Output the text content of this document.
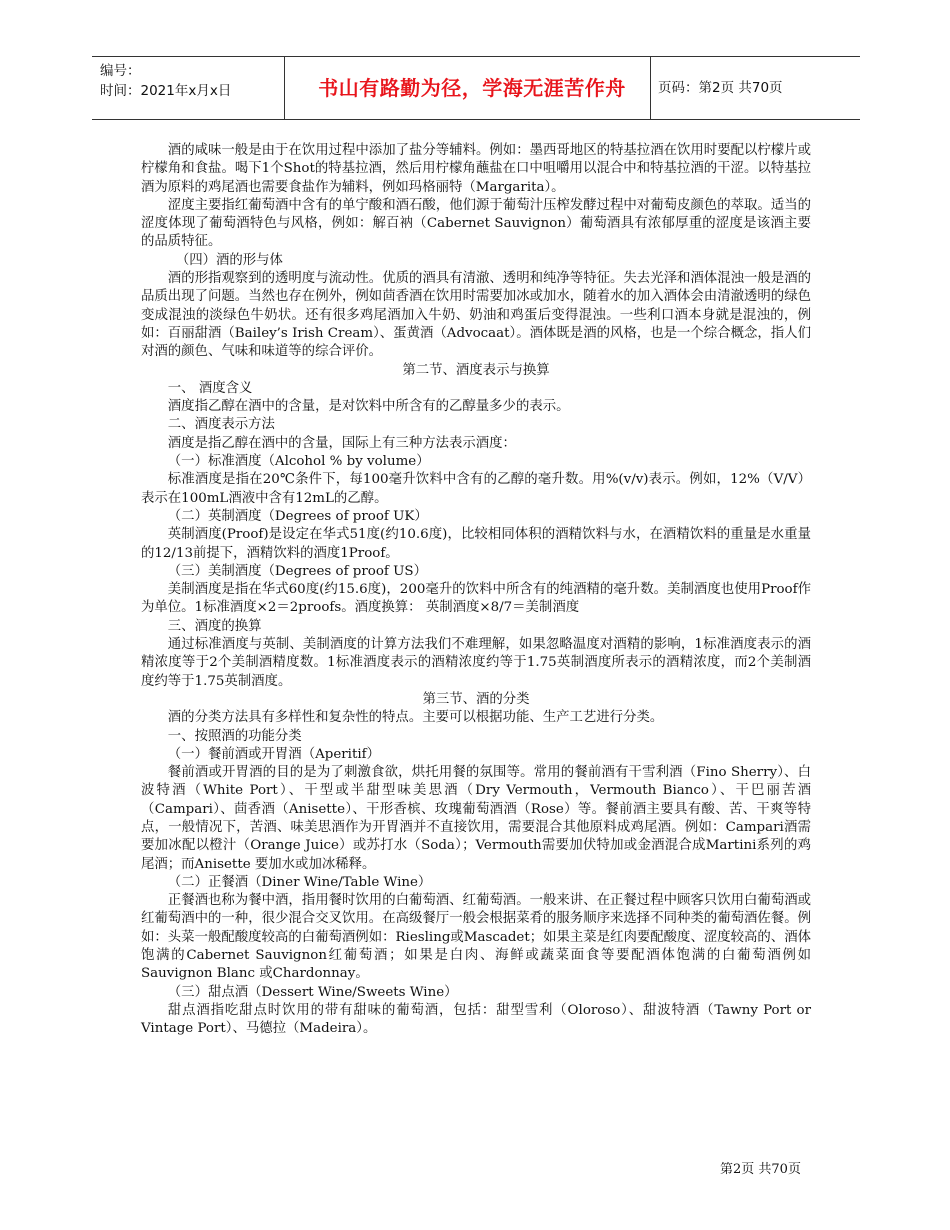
编号：
时间：2021年x月x日	书山有路勤为径，学海无涯苦作舟	页码：第2页 共70页

酒的咸味一般是由于在饮用过程中添加了盐分等辅料。例如：墨西哥地区的特基拉酒在饮用时要配以柠檬片或柠檬角和食盐。喝下1个Shot的特基拉酒，然后用柠檬角蘸盐在口中咀嚼用以混合中和特基拉酒的干涩。以特基拉酒为原料的鸡尾酒也需要食盐作为辅料，例如玛格丽特（Margarita）。

涩度主要指红葡萄酒中含有的单宁酸和酒石酸，他们源于葡萄汁压榨发酵过程中对葡萄皮颜色的萃取。适当的涩度体现了葡萄酒特色与风格，例如：解百衲（Cabernet Sauvignon）葡萄酒具有浓郁厚重的涩度是该酒主要的品质特征。

（四）酒的形与体

酒的形指观察到的透明度与流动性。优质的酒具有清澈、透明和纯净等特征。失去光泽和酒体混浊一般是酒的品质出现了问题。当然也存在例外，例如茴香酒在饮用时需要加冰或加水，随着水的加入酒体会由清澈透明的绿色变成混浊的淡绿色牛奶状。还有很多鸡尾酒加入牛奶、奶油和鸡蛋后变得混浊。一些利口酒本身就是混浊的，例如：百丽甜酒（Bailey’s Irish Cream）、蛋黄酒（Advocaat）。酒体既是酒的风格，也是一个综合概念，指人们对酒的颜色、气味和味道等的综合评价。

第二节、酒度表示与换算

一、 酒度含义

酒度指乙醇在酒中的含量，是对饮料中所含有的乙醇量多少的表示。

二、酒度表示方法

酒度是指乙醇在酒中的含量，国际上有三种方法表示酒度：

（一）标准酒度（Alcohol % by volume）

标准酒度是指在20℃条件下，每100毫升饮料中含有的乙醇的毫升数。用%(v/v)表示。例如，12%（V/V）表示在100mL酒液中含有12mL的乙醇。

（二）英制酒度（Degrees of proof UK）

英制酒度(Proof)是设定在华式51度(约10.6度)，比较相同体积的酒精饮料与水，在酒精饮料的重量是水重量的12/13前提下，酒精饮料的酒度1Proof。

（三）美制酒度（Degrees of proof US）

美制酒度是指在华式60度(约15.6度)，200毫升的饮料中所含有的纯酒精的毫升数。美制酒度也使用Proof作为单位。1标准酒度×2＝2proofs。酒度换算： 英制酒度×8/7＝美制酒度

三、酒度的换算

通过标准酒度与英制、美制酒度的计算方法我们不难理解，如果忽略温度对酒精的影响，1标准酒度表示的酒精浓度等于2个美制酒精度数。1标准酒度表示的酒精浓度约等于1.75英制酒度所表示的酒精浓度，而2个美制酒度约等于1.75英制酒度。

第三节、酒的分类

酒的分类方法具有多样性和复杂性的特点。主要可以根据功能、生产工艺进行分类。

一、按照酒的功能分类

（一）餐前酒或开胃酒（Aperitif）

餐前酒或开胃酒的目的是为了刺激食欲，烘托用餐的氛围等。常用的餐前酒有干雪利酒（Fino Sherry）、白波特酒（White Port）、干型或半甜型味美思酒（Dry Vermouth，Vermouth Bianco）、干巴丽苦酒（Campari）、茴香酒（Anisette）、干形香槟、玫瑰葡萄酒酒（Rose）等。餐前酒主要具有酸、苦、干爽等特点，一般情况下，苦酒、味美思酒作为开胃酒并不直接饮用，需要混合其他原料成鸡尾酒。例如：Campari酒需要加冰配以橙汁（Orange Juice）或苏打水（Soda）；Vermouth需要加伏特加或金酒混合成Martini系列的鸡尾酒；而Anisette 要加水或加冰稀释。

（二）正餐酒（Diner Wine/Table Wine）

正餐酒也称为餐中酒，指用餐时饮用的白葡萄酒、红葡萄酒。一般来讲、在正餐过程中顾客只饮用白葡萄酒或红葡萄酒中的一种，很少混合交叉饮用。在高级餐厅一般会根据菜肴的服务顺序来选择不同种类的葡萄酒佐餐。例如：头菜一般配酸度较高的白葡萄酒例如：Riesling或Mascadet；如果主菜是红肉要配酸度、涩度较高的、酒体饱满的Cabernet Sauvignon红葡萄酒；如果是白肉、海鲜或蔬菜面食等要配酒体饱满的白葡萄酒例如Sauvignon Blanc 或Chardonnay。

（三）甜点酒（Dessert Wine/Sweets Wine）

甜点酒指吃甜点时饮用的带有甜味的葡萄酒，包括：甜型雪利（Oloroso）、甜波特酒（Tawny Port or Vintage Port）、马德拉（Madeira）。

第2页 共70页
